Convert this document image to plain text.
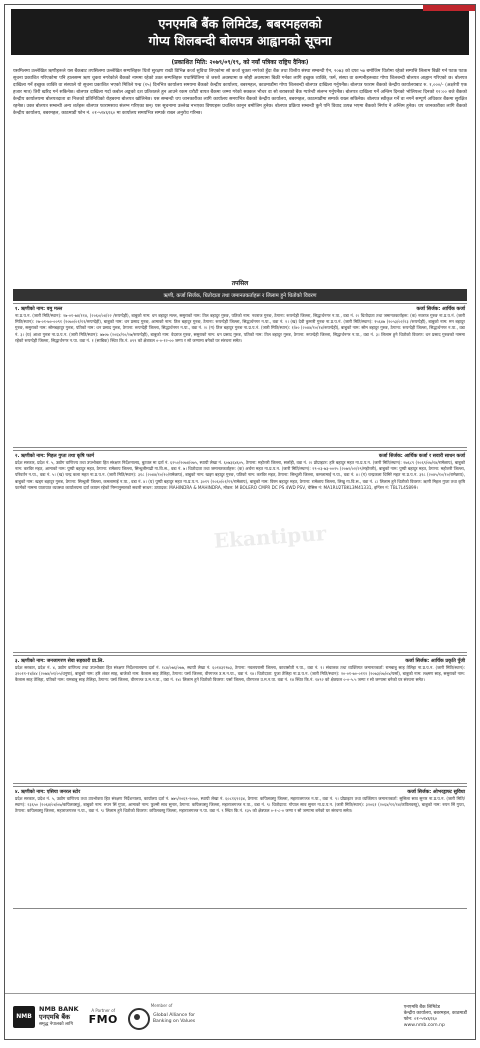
एनएमबि बैंक लिमिटेड, बबरमहलको
गोप्य शिलबन्दी बोलपत्र आह्वानको सूचना
(प्रकाशित मिति: २०७९/०९/१९, को नयाँ पत्रिका राष्ट्रिय दैनिक)
यसमिलमा उल्लेखित ऋणीहरूले यस बैंकबाट तपसिलमा उल्लेखित सम्पत्तिहरू धितो सुरक्षण राखी विभिन्न कर्जा सुविधा लिएकोमा सो कर्जा चुक्ता नगरेको हुँदा बैंक तथा वित्तीय संस्था सम्बन्धी ऐन, २०७३ को दफा ५७ बमोजिम धितोमा रहेको सम्पत्ति लिलाम बिक्री गर्न पटक पटक सूचना प्रकाशित गरिएकोमा पनि हालसम्म ऋण चुक्ता नगरेकोले बैंकको नाममा रहेको उक्त सम्पत्तिहरू यथास्थितिमा जे जस्तो अवस्थामा छ सोही अवस्थामा बिक्री गर्नका लागि इच्छुक व्यक्ति, फर्म, संस्था वा कम्पनीहरूबाट गोप्य शिलबन्दी बोलपत्र आह्वान गरिएको छ। बोलपत्र दाखिला गर्ने इच्छुक व्यक्ति वा संस्थाले यो सूचना प्रकाशित भएको मितिले पन्ध्र (१५) दिनभित्र कार्यालय समयमा बैंकको केन्द्रीय कार्यालय, बबरमहल, काठमाडौंमा गोप्य शिलबन्दी बोलपत्र दाखिला गर्नुपर्नेछ। बोलपत्र फाराम बैंकको केन्द्रीय कार्यालयबाट रु. १,०००/- (अक्षरेपी एक हजार मात्र) तिरी खरिद गर्न सकिनेछ। बोलपत्र दाखिला गर्दा कबोल अङ्कको दश प्रतिशतले हुन आउने रकम धरौटी बापत बैंकमा जम्मा गरेको सक्कल भौचर वा सो बराबरको बैंक ग्यारेन्टी संलग्न गर्नुपर्नेछ। बोलपत्र दाखिला गर्ने अन्तिम दिनको भोलिपल्ट दिनको १२:०० बजे बैंकको केन्द्रीय कार्यालयमा बोलपत्रदाता वा निजको प्रतिनिधिको रोहबरमा बोलपत्र खोलिनेछ। यस सम्बन्धी थप जानकारीका लागि कार्यालय समयभित्र बैंकको केन्द्रीय कार्यालय, बबरमहल, काठमाडौंमा सम्पर्क राख्न सकिनेछ। बोलपत्र स्वीकृत गर्ने वा नगर्ने सम्पूर्ण अधिकार बैंकमा सुरक्षित रहनेछ। उक्त बोलपत्र सम्बन्धी अन्य शर्तहरू बोलपत्र फारामसाथ संलग्न गरिएका छन्। यस सूचनामा उल्लेख नभएका विषयहरू प्रचलित कानून बमोजिम हुनेछ। बोलपत्र प्रक्रिया सम्बन्धी कुनै पनि विवाद उत्पन्न भएमा बैंकको निर्णय नै अन्तिम हुनेछ। थप जानकारीका लागि बैंकको केन्द्रीय कार्यालय, बबरमहल, काठमाडौं फोन नं. ०१-५२४६१६० मा कार्यालय समयभित्र सम्पर्क राख्न अनुरोध गरिन्छ।
तपसिल
ऋणी, कर्जा सिर्जक, धितोदाता तथा जमानतकर्ताहरू र लिलाम हुने धितोको विवरण
१. ऋणीको नाम: वमु मल्ल	कर्जा सिर्जक: आर्थिक कर्जा
ना.प्र.प.न. (जारी मिति/स्थान): २७-०१-७४/११४, (२०६०/०४/२२ /रूपन्देही), बाबुको नाम: धन बहादुर मल्ल, ससुराको नाम: तिल बहादुर गुरुङ, पतिको नाम: नवराज गुरुङ, ठेगाना: रूपन्देही जिल्ला, सिद्धार्थनगर न.पा., वडा नं. २। धितोदाता तथा जमानतकर्ताहरू: (क) नवराज गुरुङ ना.प्र.प.नं. (जारी मिति/स्थान): २७-०१-७०-००९१ (२०७०/०१/११/रूपन्देही), बाबुको नाम: धन प्रसाद गुरुङ, आमाको नाम: तिल बहादुर गुरुङ, ठेगाना: रूपन्देही जिल्ला, सिद्धार्थनगर न.पा., वडा नं. २। (ख) देवी कुमारी गुरुङ ना.प्र.प.नं. (जारी मिति/स्थान): १५६४७ (२०५३/०२/२३ /रूपन्देही), बाबुको नाम: मन बहादुर गुरुङ, ससुराको नाम: सोमबहादुर गुरुङ, पतिको नाम: धन प्रसाद गुरुङ, ठेगाना: रूपन्देही जिल्ला, सिद्धार्थनगर न.पा., वडा नं. २। (ग) तिल बहादुर गुरुङ ना.प्र.प.नं. (जारी मिति/स्थान): १/४० (२०४४/१०/१४/रूपन्देही), बाबुको नाम: सोम बहादुर गुरुङ, ठेगाना: रूपन्देही जिल्ला, सिद्धार्थनगर न.पा., वडा नं. ३। (घ) आशा गुरुङ ना.प्र.प.न. (जारी मिति/स्थान): ७७०७ (२०६४/१०/२७/रूपन्देही), बाबुको नाम: वेदराज गुरुङ, ससुराको नाम: धन प्रसाद गुरुङ, पतिको नाम: तिल बहादुर गुरुङ, ठेगाना: रूपन्देही जिल्ला, सिद्धार्थनगर न.पा., वडा नं. ३। लिलाम हुने धितोको विवरण: धन प्रसाद गुरुङको नाममा रहेको रूपन्देही जिल्ला, सिद्धार्थनगर न.पा. वडा नं. १ (साबिक) स्थित कि.नं. ४९९ को क्षेत्रफल ०-०-१२-०० जग्गा र सो जग्गामा बनेको घर संरचना समेत।
२. ऋणीको नाम: मिहल गुप्ता तथा कृषि फार्म	कर्जा सिर्जक: आर्थिक कर्जा र सवारी साधन कर्जा
प्रदेश सरकार, प्रदेश नं. ५, उद्योग वाणिज्य तथा उपभोक्ता हित संरक्षण निर्देशनालय, बुटवल मा दर्ता नं. ६२५०/२०७४/०७५, स्थायी लेखा नं. ६०७३६४६०५, ठेगाना: महोत्तरी जिल्ला, सर्लाही, वडा नं. २। प्रोप्राइटर: हरि बहादुर महत ना.प्र.प.न. (जारी मिति/स्थान): २७६८९ (२०६९/०७/१४/रामेछाप), बाबुको नाम: करविर महत, आमाको नाम: पुष्पी बहादुर महत, ठेगाना: रामेछाप जिल्ला, सिन्धुलीमाढी गा.वि.स., वडा नं. ७। धितोदाता तथा जमानतकर्ताहरू: (क) अर्चना महत ना.प्र.प.न. (जारी मिति/स्थान): २९-०३-७३-००२५ (२०७२/०२/२९/महोत्तरी), बाबुको नाम: पुष्पी बहादुर महत, ठेगाना: महोत्तरी जिल्ला, परिवर्तन न.पा., वडा नं. ५। (ख) चन्द्र कला महत ना.प्र.प.न. (जारी मिति/स्थान): ३१८ (२०४४/१०/१०/रामेछाप), बाबुको नाम: खड्ग बहादुर गुरुङ, पतिको नाम: करविर महत, ठेगाना: सिन्धुली जिल्ला, कमलामाई न.पा., वडा नं. ४। (ग) चन्द्रकला धिमिरे महत ना.प्र.प.न. ३१८ (२०४५/१०/१०/रामेछाप), बाबुको नाम: खड्ग बहादुर गुरुङ, ठेगाना: सिन्धुली जिल्ला, कमलामाई न.पा., वडा नं. ४। (घ) पुष्पी बहादुर महत ना.प्र.प.न. ३०१९ (२०६०/०१/१९/रामेछाप), बाबुको नाम: विरम बहादुर महत, ठेगाना: रामेछाप जिल्ला, लिखु गा.वि.स., वडा नं. ८। लिलाम हुने धितोको विवरण: ऋणी मिहल गुप्ता तथा कृषि फार्मको नाममा यातायात व्यवस्था कार्यालयमा दर्ता कायम रहेको निम्नानुसारको सवारी साधन: उत्पादक: MAHINDRA & MAHINDRA, मोडल: M BOLERO CMPR DC PS 4WD PSV, चेसिस नं: MA1RU2TBKL3M41331, इन्जिन नं: TBL7L45899।
३. ऋणीको नाम: जनजागरण सेवा सहकारी प्रा.लि.	कर्जा सिर्जक: आर्थिक प्रकृति पुँजी
प्रदेश सरकार, प्रदेश नं. ४, उद्योग वाणिज्य तथा उपभोक्ता हित संरक्षण निर्देशनालयमा दर्ता नं. १८४/०७६/०७७, स्थायी लेखा नं. ६०१४३१९७३, ठेगाना: नवलपरासी जिल्ला, कावासोती न.पा., वडा नं. १। संचालक तथा व्यक्तिगत जमानतकर्ता: रामबाबु साह तेलिहा ना.प्र.प.न. (जारी मिति/स्थान): ३२०११-१४/४४ (२०७४/०१/०५/धनुषा), बाबुको नाम: हरि शंकर साह, बाजेको नाम: कैलास साह तेलिहा, ठेगाना: पर्सा जिल्ला, वीरगञ्ज उ.म.न.पा., वडा नं. १४। धितोदाता: पुजा तेलिहा ना.प्र.प.न. (जारी मिति/स्थान): २०-०१-७०-०११२ (२०७३/०७/०४/पर्सा), बाबुको नाम: लक्ष्मण साह, ससुराको नाम: कैलास साह तेलिहा, पतिको नाम: रामबाबु साह तेलिहा, ठेगाना: पर्सा जिल्ला, वीरगञ्ज उ.म.न.पा., वडा नं. १४। लिलाम हुने धितोको विवरण: पर्सा जिल्ला, वीरगञ्ज उ.म.न.पा. वडा नं. १४ स्थित कि.नं. १४९२ को क्षेत्रफल ०-०-५.५ जग्गा र सो जग्गामा बनेको घर संरचना समेत।
४. ऋणीको नाम: एसिया जनरल स्टोर	कर्जा सिर्जक: ओभरड्राफ्ट सुविधा
प्रदेश सरकार, प्रदेश नं. ५, उद्योग वाणिज्य तथा उपभोक्ता हित संरक्षण निर्देशनालय, कार्यालय दर्ता नं. ७७५/२०६९-२०७०, स्थायी लेखा नं. ६०८१६९२३४, ठेगाना: कपिलवस्तु जिल्ला, महाराजगञ्ज न.पा., वडा नं. ९। प्रोप्राइटर तथा व्यक्तिगत जमानतकर्ता: सुसिला साव सुनार ना.प्र.प.न. (जारी मिति/स्थान): २३६५० (२०६४/०४/०७/कपिलवस्तु), बाबुको नाम: रुपन सिं गुप्ता, आमाको नाम: फुल्मी साव सुनार, ठेगाना: कपिलवस्तु जिल्ला, महाराजगञ्ज न.पा., वडा नं. ९। धितोदाता: गोपाल साव सुनार ना.प्र.प.न. (जारी मिति/स्थान): ३२०६१ (२०६४/११/१४/कपिलवस्तु), बाबुको नाम: रुपन सिं गुप्ता, ठेगाना: कपिलवस्तु जिल्ला, महाराजगञ्ज न.पा., वडा नं. ९। लिलाम हुने धितोको विवरण: कपिलवस्तु जिल्ला, महाराजगञ्ज न.पा. वडा नं. ९ स्थित कि.नं. १३५ को क्षेत्रफल ०-१-८-० जग्गा र सो जग्गामा बनेको घर संरचना समेत।
Ekantipur
NMB
NMB BANK
एनएमबि बैंक
समृद्ध नेपालको लागि
A Partner of
FMO
Member of
Global Alliance for
Banking on Values
एनएमबि बैंक लिमिटेड
केन्द्रीय कार्यालय, बबरमहल, काठमाडौं
फोन: ०१-५२४६१६०
www.nmb.com.np
